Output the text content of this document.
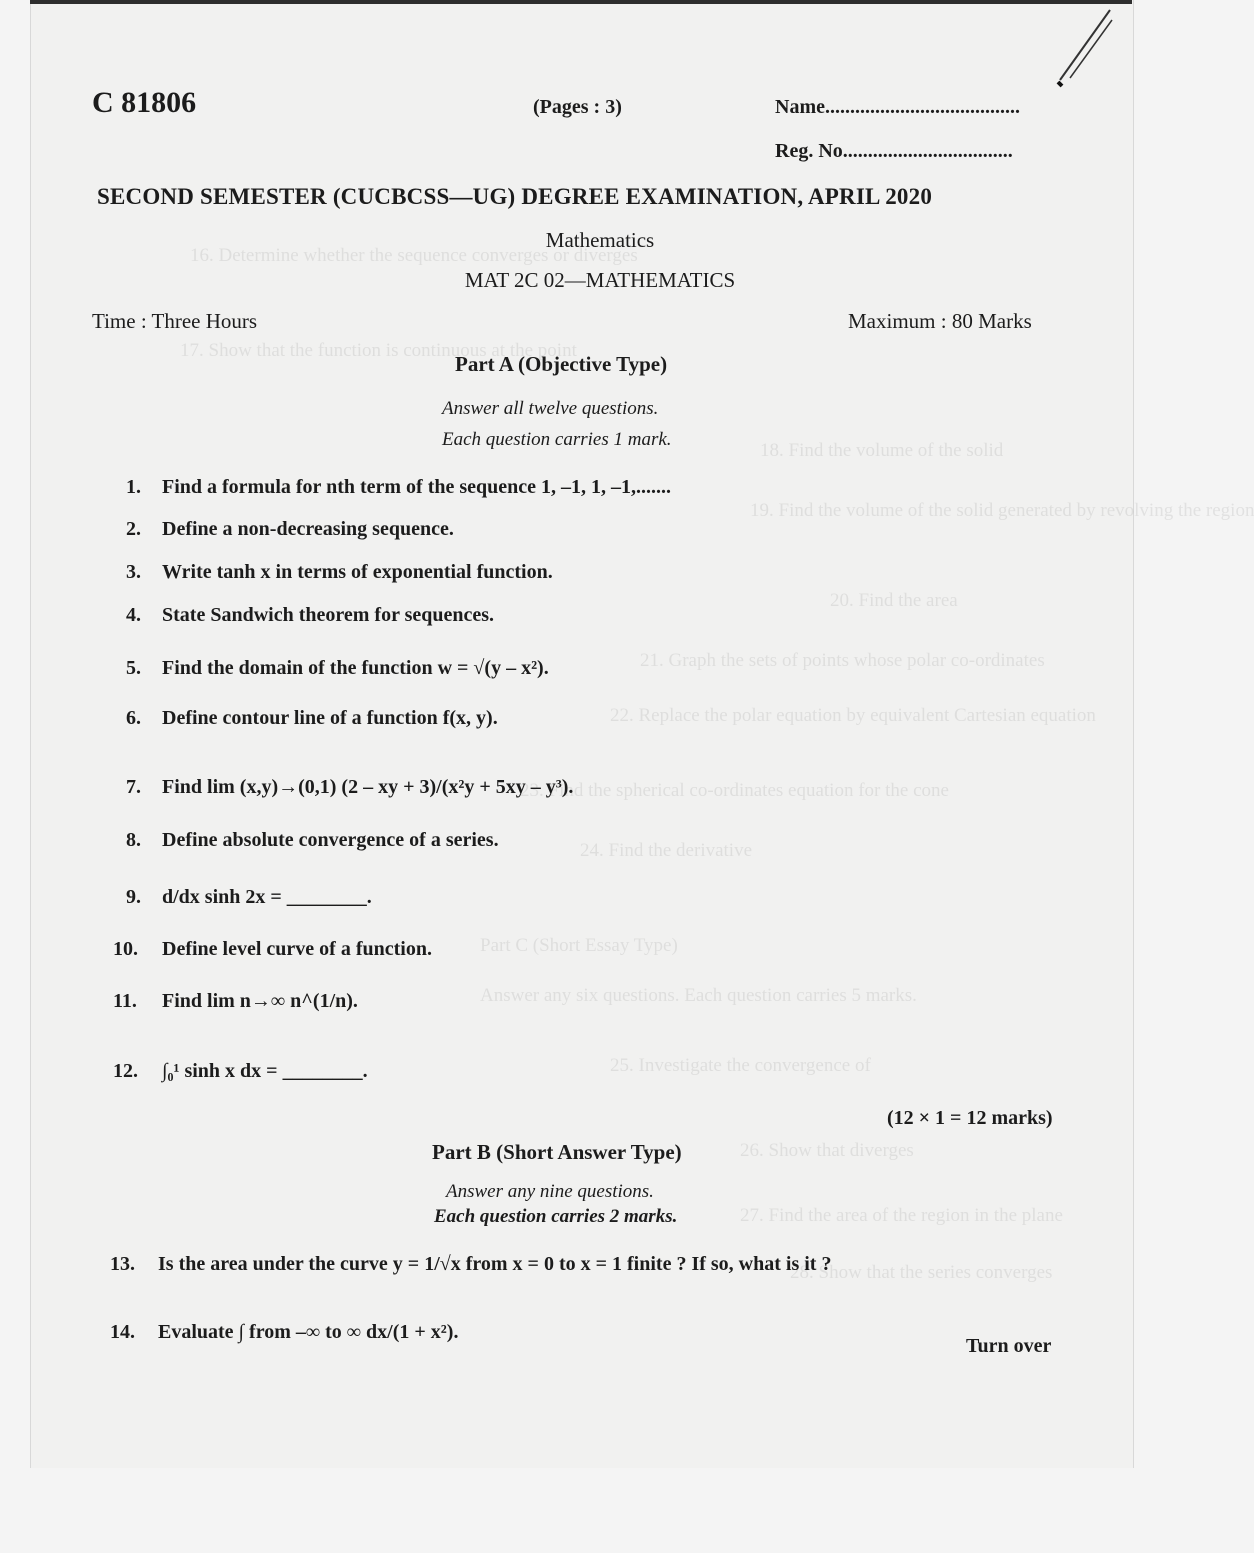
16. Determine whether the sequence converges or diverges
17. Show that the function is continuous at the point
18. Find the volume of the solid
19. Find the volume of the solid generated by revolving the region
20. Find the area
21. Graph the sets of points whose polar co-ordinates
22. Replace the polar equation by equivalent Cartesian equation
23. Find the spherical co-ordinates equation for the cone
24. Find the derivative
Part C (Short Essay Type)
Answer any six questions. Each question carries 5 marks.
25. Investigate the convergence of
26. Show that diverges
27. Find the area of the region in the plane
28. Show that the series converges
C 81806	(Pages : 3)	Name.......................................
Reg. No..................................
SECOND SEMESTER (CUCBCSS—UG) DEGREE EXAMINATION, APRIL 2020
Mathematics
MAT 2C 02—MATHEMATICS
Time : Three Hours	Maximum : 80 Marks
Part A (Objective Type)
Answer all twelve questions.
Each question carries 1 mark.
1. Find a formula for nth term of the sequence 1, –1, 1, –1,.......
2. Define a non-decreasing sequence.
3. Write tanh x in terms of exponential function.
4. State Sandwich theorem for sequences.
5. Find the domain of the function w = √(y – x²).
6. Define contour line of a function f(x, y).
7. Find lim (x,y)→(0,1) (2 – xy + 3)/(x²y + 5xy – y³).
8. Define absolute convergence of a series.
9. d/dx sinh 2x = ________.
10. Define level curve of a function.
11. Find lim n→∞ n^(1/n).
12. ∫₀¹ sinh x dx = ________.
(12 × 1 = 12 marks)
Part B (Short Answer Type)
Answer any nine questions.
Each question carries 2 marks.
13. Is the area under the curve y = 1/√x from x = 0 to x = 1 finite ? If so, what is it ?
14. Evaluate ∫ from –∞ to ∞ dx/(1 + x²).
Turn over
